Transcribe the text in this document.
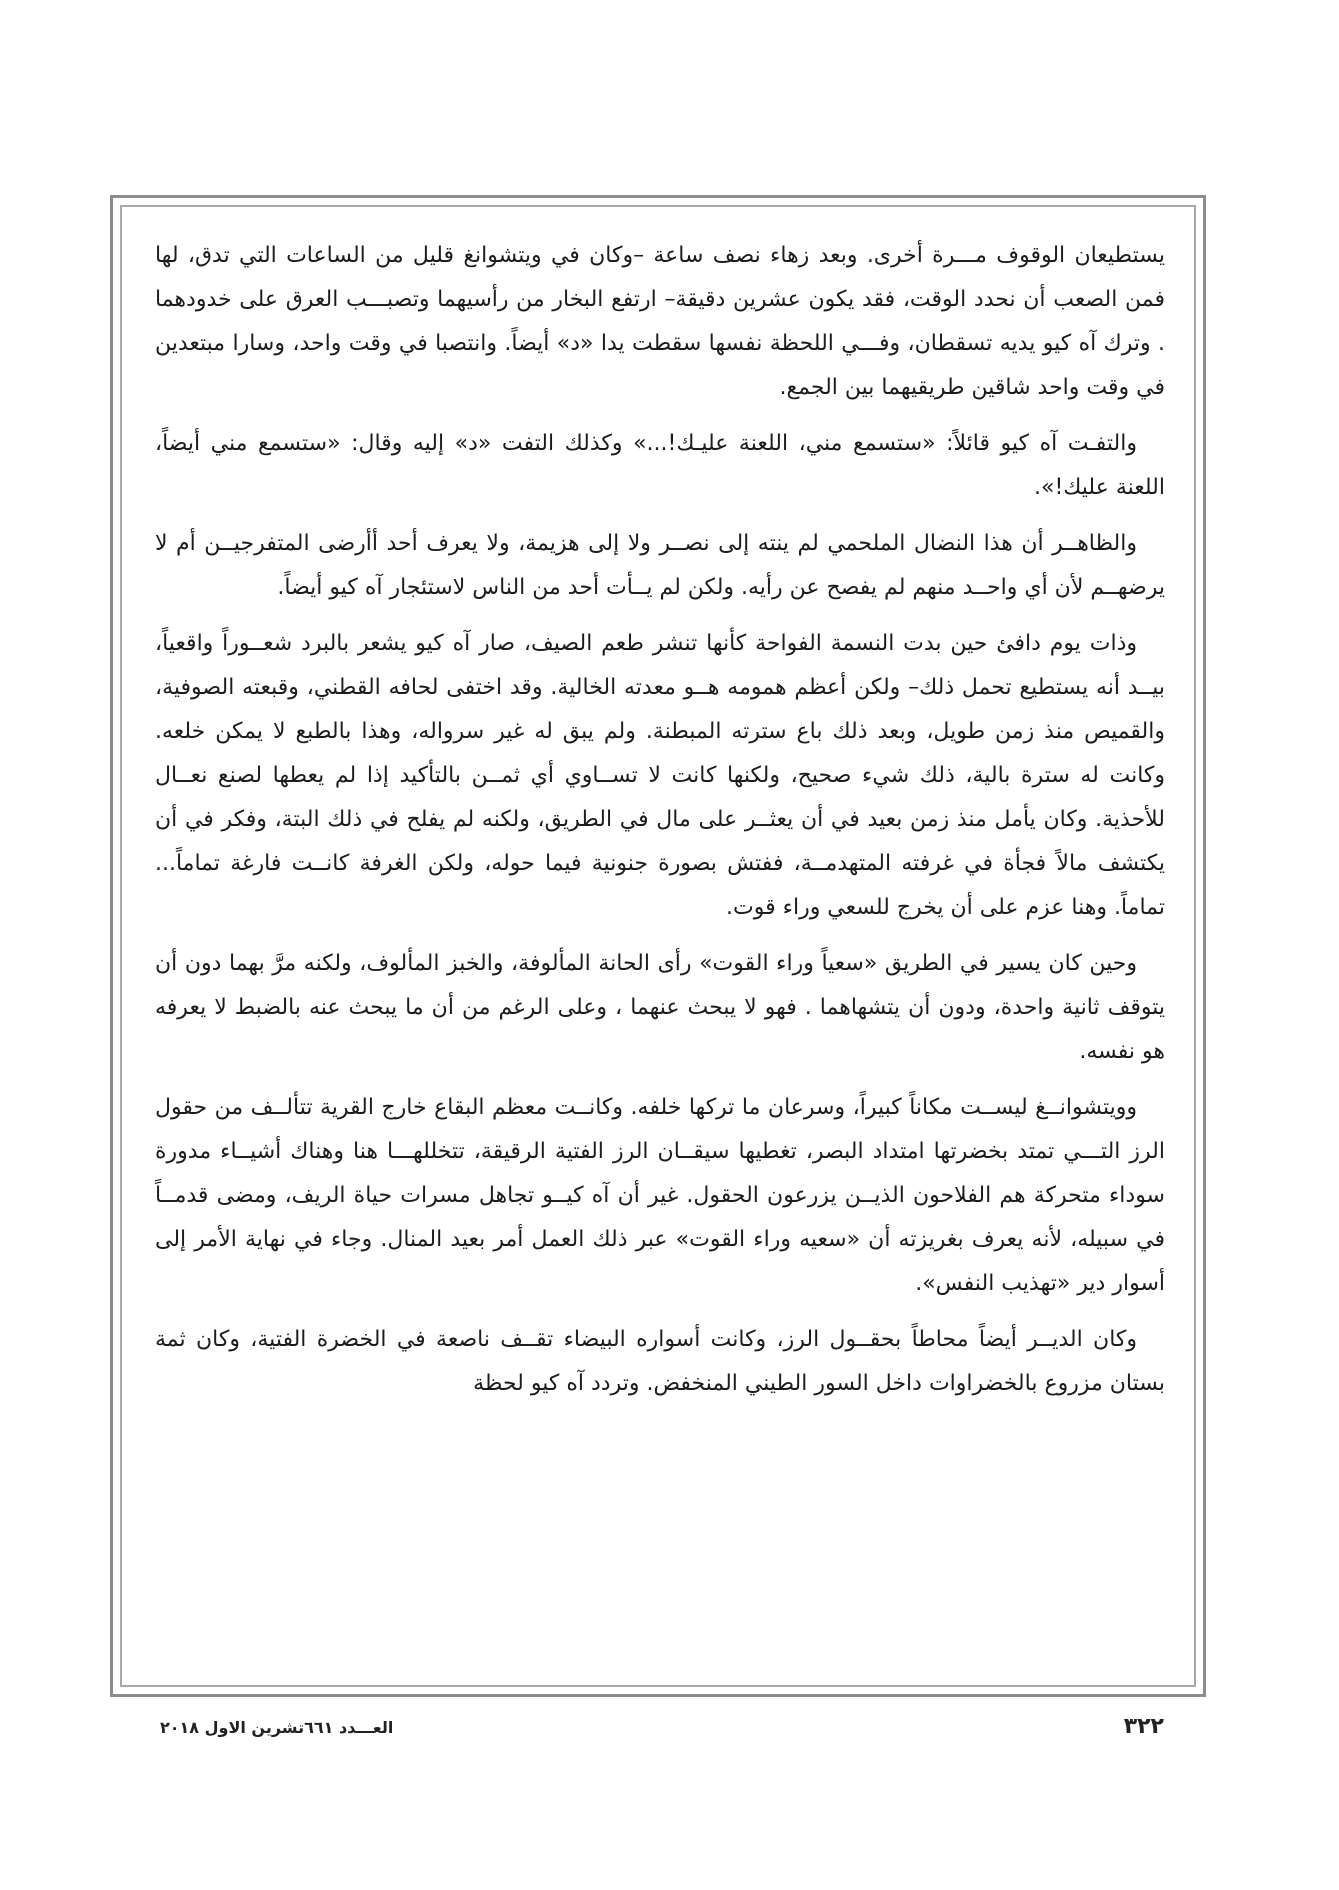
يستطيعان الوقوف مـــرة أخرى. وبعد زهاء نصف ساعة –وكان في ويتشوانغ قليل من الساعات التي تدق، لها فمن الصعب أن نحدد الوقت، فقد يكون عشرين دقيقة– ارتفع البخار من رأسيهما وتصبـــب العرق على خدودهما . وترك آه كيو يديه تسقطان، وفـــي اللحظة نفسها سقطت يدا «د» أيضاً. وانتصبا في وقت واحد، وسارا مبتعدين في وقت واحد شاقين طريقيهما بين الجمع.

والتفـت آه كيو قائلاً: «ستسمع مني، اللعنة عليـك!...» وكذلك التفت «د» إليه وقال: «ستسمع مني أيضاً، اللعنة عليك!».

والظاهــر أن هذا النضال الملحمي لم ينته إلى نصــر ولا إلى هزيمة، ولا يعرف أحد أأرضى المتفرجيــن أم لا يرضهــم لأن أي واحــد منهم لم يفصح عن رأيه. ولكن لم يــأت أحد من الناس لاستئجار آه كيو أيضاً.

وذات يوم دافئ حين بدت النسمة الفواحة كأنها تنشر طعم الصيف، صار آه كيو يشعر بالبرد شعــوراً واقعياً، بيــد أنه يستطيع تحمل ذلك– ولكن أعظم همومه هــو معدته الخالية. وقد اختفى لحافه القطني، وقبعته الصوفية، والقميص منذ زمن طويل، وبعد ذلك باع سترته المبطنة. ولم يبق له غير سرواله، وهذا بالطبع لا يمكن خلعه. وكانت له سترة بالية، ذلك شيء صحيح، ولكنها كانت لا تســاوي أي ثمــن بالتأكيد إذا لم يعطها لصنع نعــال للأحذية. وكان يأمل منذ زمن بعيد في أن يعثــر على مال في الطريق، ولكنه لم يفلح في ذلك البتة، وفكر في أن يكتشف مالاً فجأة في غرفته المتهدمــة، ففتش بصورة جنونية فيما حوله، ولكن الغرفة كانــت فارغة تماماً... تماماً. وهنا عزم على أن يخرج للسعي وراء قوت.

وحين كان يسير في الطريق «سعياً وراء القوت» رأى الحانة المألوفة، والخبز المألوف، ولكنه مرَّ بهما دون أن يتوقف ثانية واحدة، ودون أن يتشهاهما . فهو لا يبحث عنهما ، وعلى الرغم من أن ما يبحث عنه بالضبط لا يعرفه هو نفسه.

وويتشوانــغ ليســت مكاناً كبيراً، وسرعان ما تركها خلفه. وكانــت معظم البقاع خارج القرية تتألــف من حقول الرز التـــي تمتد بخضرتها امتداد البصر، تغطيها سيقــان الرز الفتية الرقيقة، تتخللهـــا هنا وهناك أشيــاء مدورة سوداء متحركة هم الفلاحون الذيــن يزرعون الحقول. غير أن آه كيــو تجاهل مسرات حياة الريف، ومضى قدمــاً في سبيله، لأنه يعرف بغريزته أن «سعيه وراء القوت» عبر ذلك العمل أمر بعيد المنال. وجاء في نهاية الأمر إلى أسوار دير «تهذيب النفس».

وكان الديــر أيضاً محاطاً بحقــول الرز، وكانت أسواره البيضاء تقــف ناصعة في الخضرة الفتية، وكان ثمة بستان مزروع بالخضراوات داخل السور الطيني المنخفض. وتردد آه كيو لحظة

العـــدد ٦٦١تشرين الاول ٢٠١٨	٣٢٢
